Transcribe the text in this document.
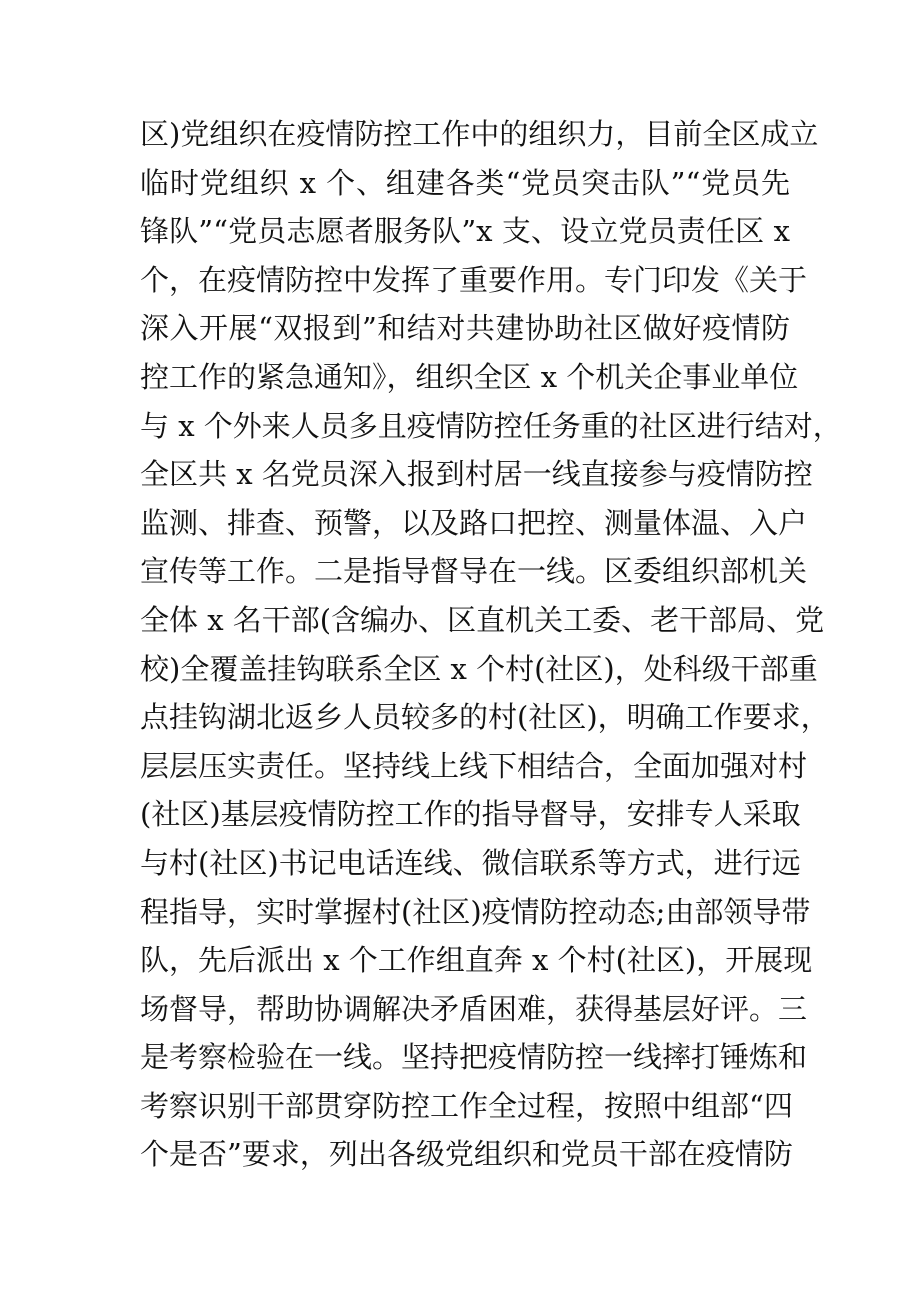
区)党组织在疫情防控工作中的组织力，目前全区成立
临时党组织 x 个、组建各类“党员突击队”“党员先
锋队”“党员志愿者服务队”x 支、设立党员责任区 x
个，在疫情防控中发挥了重要作用。专门印发《关于
深入开展“双报到”和结对共建协助社区做好疫情防
控工作的紧急通知》，组织全区 x 个机关企事业单位
与 x 个外来人员多且疫情防控任务重的社区进行结对，
全区共 x 名党员深入报到村居一线直接参与疫情防控
监测、排查、预警，以及路口把控、测量体温、入户
宣传等工作。二是指导督导在一线。区委组织部机关
全体 x 名干部(含编办、区直机关工委、老干部局、党
校)全覆盖挂钩联系全区 x 个村(社区)，处科级干部重
点挂钩湖北返乡人员较多的村(社区)，明确工作要求，
层层压实责任。坚持线上线下相结合，全面加强对村
(社区)基层疫情防控工作的指导督导，安排专人采取
与村(社区)书记电话连线、微信联系等方式，进行远
程指导，实时掌握村(社区)疫情防控动态;由部领导带
队，先后派出 x 个工作组直奔 x 个村(社区)，开展现
场督导，帮助协调解决矛盾困难，获得基层好评。三
是考察检验在一线。坚持把疫情防控一线摔打锤炼和
考察识别干部贯穿防控工作全过程，按照中组部“四
个是否”要求，列出各级党组织和党员干部在疫情防
